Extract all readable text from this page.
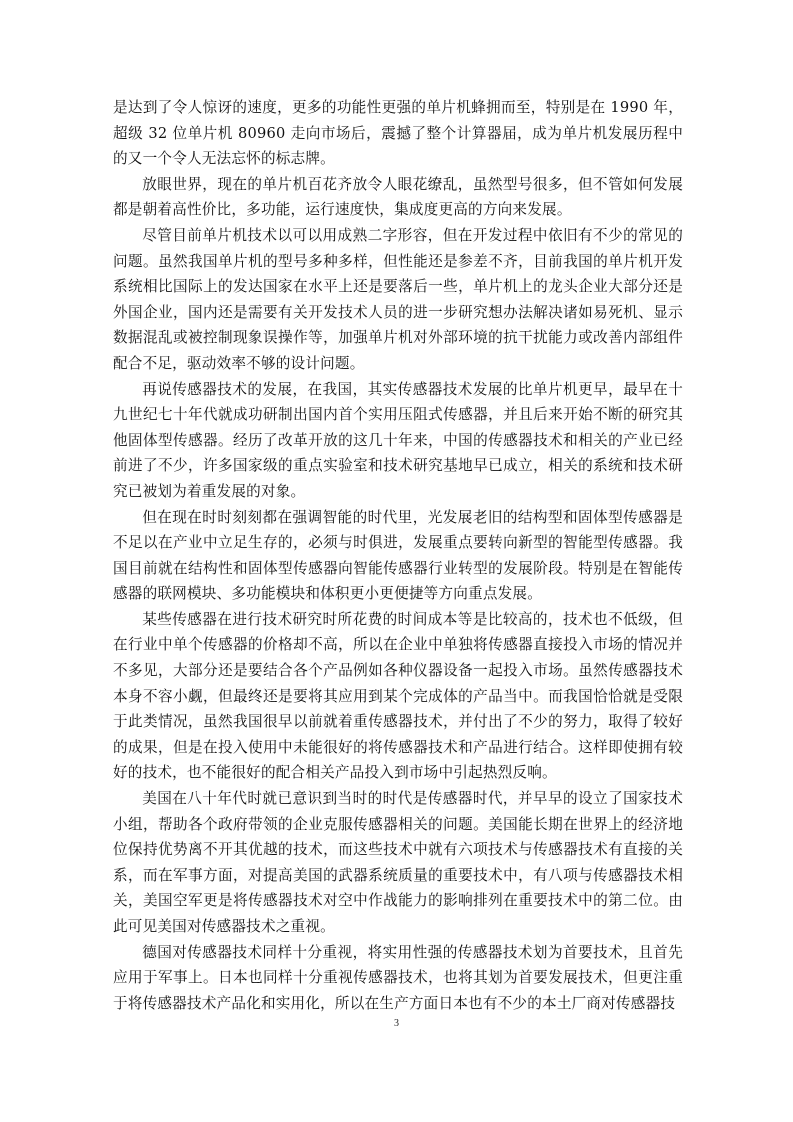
是达到了令人惊讶的速度，更多的功能性更强的单片机蜂拥而至，特别是在 1990 年，超级 32 位单片机 80960 走向市场后，震撼了整个计算器届，成为单片机发展历程中的又一个令人无法忘怀的标志牌。

放眼世界，现在的单片机百花齐放令人眼花缭乱，虽然型号很多，但不管如何发展都是朝着高性价比，多功能，运行速度快，集成度更高的方向来发展。

尽管目前单片机技术以可以用成熟二字形容，但在开发过程中依旧有不少的常见的问题。虽然我国单片机的型号多种多样，但性能还是参差不齐，目前我国的单片机开发系统相比国际上的发达国家在水平上还是要落后一些，单片机上的龙头企业大部分还是外国企业，国内还是需要有关开发技术人员的进一步研究想办法解决诸如易死机、显示数据混乱或被控制现象误操作等，加强单片机对外部环境的抗干扰能力或改善内部组件配合不足，驱动效率不够的设计问题。

再说传感器技术的发展，在我国，其实传感器技术发展的比单片机更早，最早在十九世纪七十年代就成功研制出国内首个实用压阻式传感器，并且后来开始不断的研究其他固体型传感器。经历了改革开放的这几十年来，中国的传感器技术和相关的产业已经前进了不少，许多国家级的重点实验室和技术研究基地早已成立，相关的系统和技术研究已被划为着重发展的对象。

但在现在时时刻刻都在强调智能的时代里，光发展老旧的结构型和固体型传感器是不足以在产业中立足生存的，必须与时俱进，发展重点要转向新型的智能型传感器。我国目前就在结构性和固体型传感器向智能传感器行业转型的发展阶段。特别是在智能传感器的联网模块、多功能模块和体积更小更便捷等方向重点发展。

某些传感器在进行技术研究时所花费的时间成本等是比较高的，技术也不低级，但在行业中单个传感器的价格却不高，所以在企业中单独将传感器直接投入市场的情况并不多见，大部分还是要结合各个产品例如各种仪器设备一起投入市场。虽然传感器技术本身不容小觑，但最终还是要将其应用到某个完成体的产品当中。而我国恰恰就是受限于此类情况，虽然我国很早以前就着重传感器技术，并付出了不少的努力，取得了较好的成果，但是在投入使用中未能很好的将传感器技术和产品进行结合。这样即使拥有较好的技术，也不能很好的配合相关产品投入到市场中引起热烈反响。

美国在八十年代时就已意识到当时的时代是传感器时代，并早早的设立了国家技术小组，帮助各个政府带领的企业克服传感器相关的问题。美国能长期在世界上的经济地位保持优势离不开其优越的技术，而这些技术中就有六项技术与传感器技术有直接的关系，而在军事方面，对提高美国的武器系统质量的重要技术中，有八项与传感器技术相关，美国空军更是将传感器技术对空中作战能力的影响排列在重要技术中的第二位。由此可见美国对传感器技术之重视。

德国对传感器技术同样十分重视，将实用性强的传感器技术划为首要技术，且首先应用于军事上。日本也同样十分重视传感器技术，也将其划为首要发展技术，但更注重于将传感器技术产品化和实用化，所以在生产方面日本也有不少的本土厂商对传感器技

3
